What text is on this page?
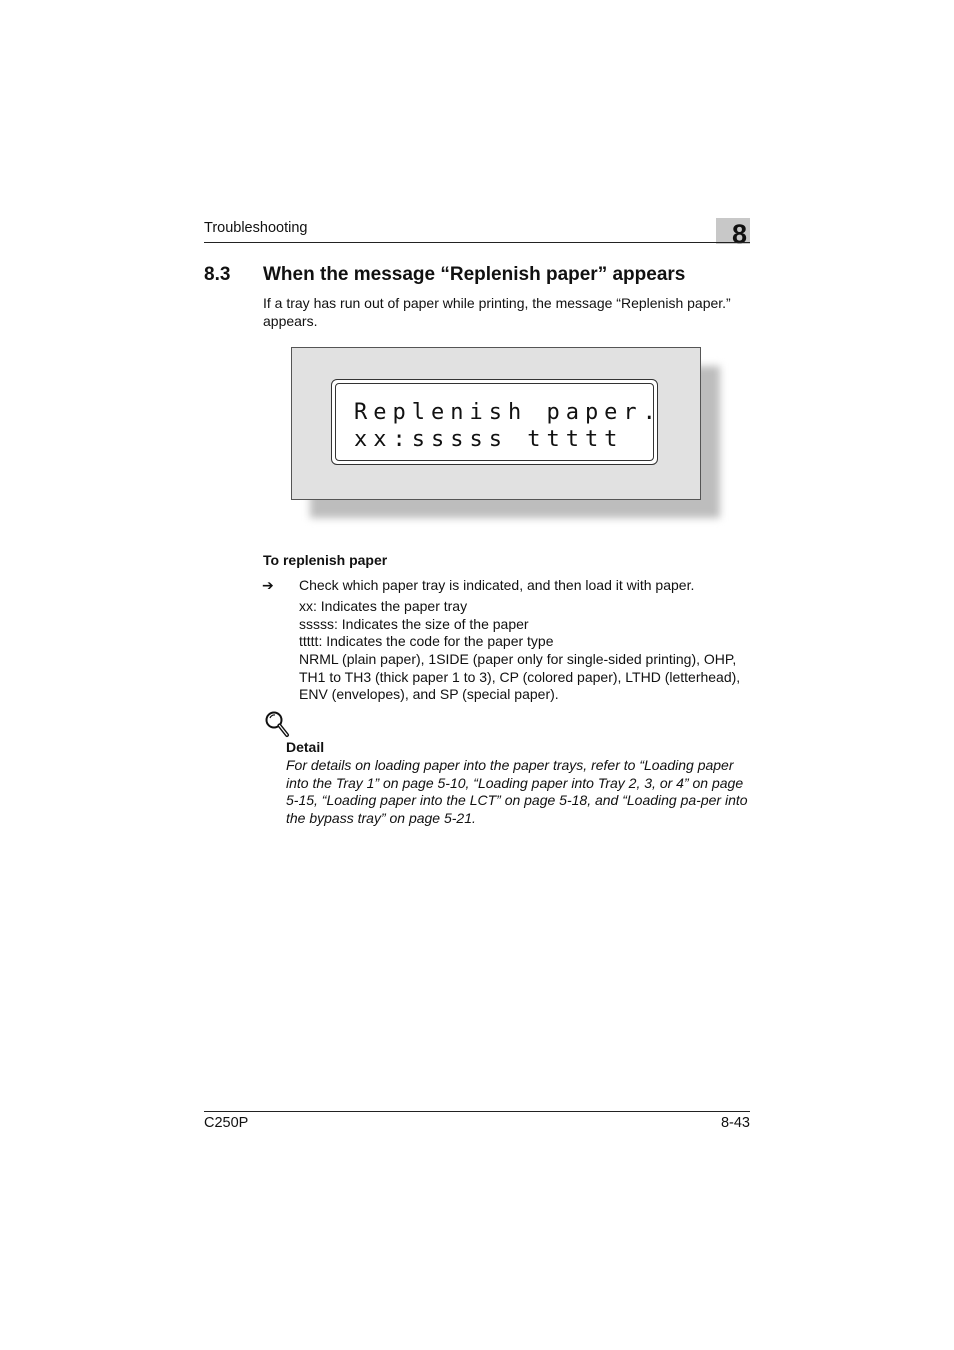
Troubleshooting	8
8.3 When the message “Replenish paper” appears
If a tray has run out of paper while printing, the message “Replenish paper.” appears.
Replenish paper.
xx:sssss ttttt
To replenish paper
➔ Check which paper tray is indicated, and then load it with paper.
xx: Indicates the paper tray
sssss: Indicates the size of the paper
ttttt: Indicates the code for the paper type
NRML (plain paper), 1SIDE (paper only for single-sided printing), OHP, TH1 to TH3 (thick paper 1 to 3), CP (colored paper), LTHD (letterhead), ENV (envelopes), and SP (special paper).
Detail
For details on loading paper into the paper trays, refer to “Loading paper into the Tray 1” on page 5-10, “Loading paper into Tray 2, 3, or 4” on page 5-15, “Loading paper into the LCT” on page 5-18, and “Loading pa-per into the bypass tray” on page 5-21.
C250P	8-43
